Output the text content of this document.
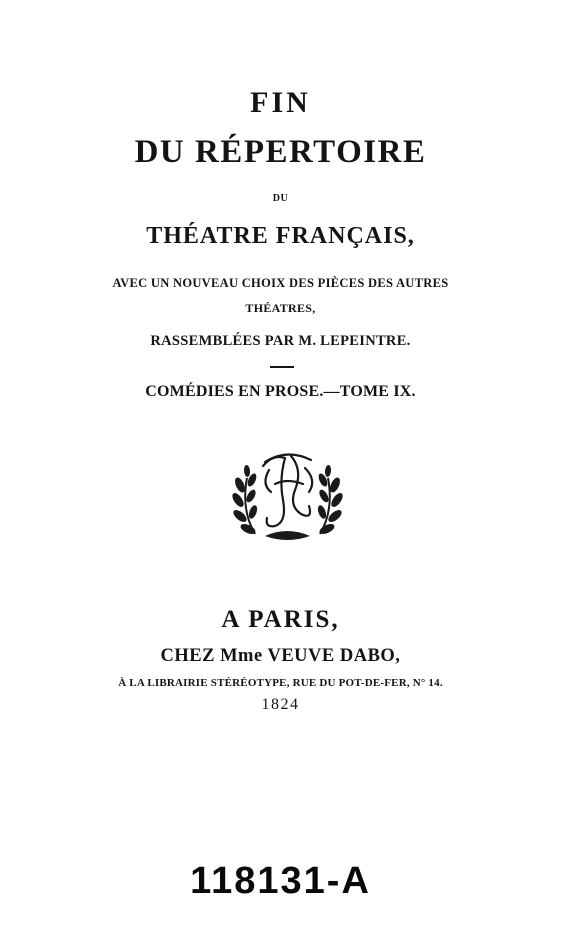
FIN
DU RÉPERTOIRE
DU
THÉATRE FRANÇAIS,
AVEC UN NOUVEAU CHOIX DES PIÈCES DES AUTRES
THÉATRES,
RASSEMBLÉES PAR M. LEPEINTRE.
COMÉDIES EN PROSE.—TOME IX.
A PARIS,
CHEZ Mme VEUVE DABO,
À LA LIBRAIRIE STÉRÉOTYPE, RUE DU POT-DE-FER, N° 14.
1824
118131-A
